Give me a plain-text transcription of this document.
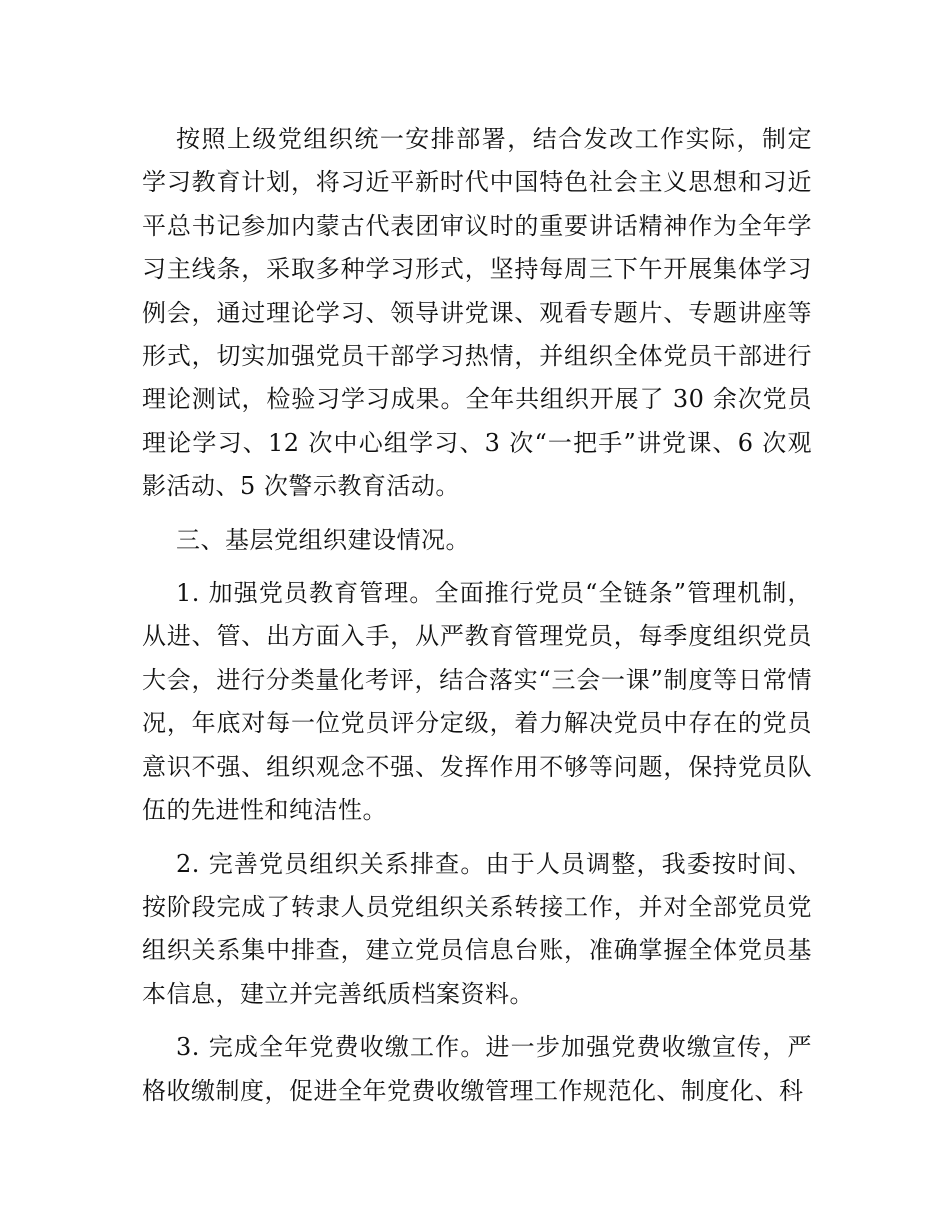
按照上级党组织统一安排部署，结合发改工作实际，制定学习教育计划，将习近平新时代中国特色社会主义思想和习近平总书记参加内蒙古代表团审议时的重要讲话精神作为全年学习主线条，采取多种学习形式，坚持每周三下午开展集体学习例会，通过理论学习、领导讲党课、观看专题片、专题讲座等形式，切实加强党员干部学习热情，并组织全体党员干部进行理论测试，检验习学习成果。全年共组织开展了 30 余次党员理论学习、12 次中心组学习、3 次“一把手”讲党课、6 次观影活动、5 次警示教育活动。

三、基层党组织建设情况。

1. 加强党员教育管理。全面推行党员“全链条”管理机制，从进、管、出方面入手，从严教育管理党员，每季度组织党员大会，进行分类量化考评，结合落实“三会一课”制度等日常情况，年底对每一位党员评分定级，着力解决党员中存在的党员意识不强、组织观念不强、发挥作用不够等问题，保持党员队伍的先进性和纯洁性。

2. 完善党员组织关系排查。由于人员调整，我委按时间、按阶段完成了转隶人员党组织关系转接工作，并对全部党员党组织关系集中排查，建立党员信息台账，准确掌握全体党员基本信息，建立并完善纸质档案资料。

3. 完成全年党费收缴工作。进一步加强党费收缴宣传，严格收缴制度，促进全年党费收缴管理工作规范化、制度化、科
